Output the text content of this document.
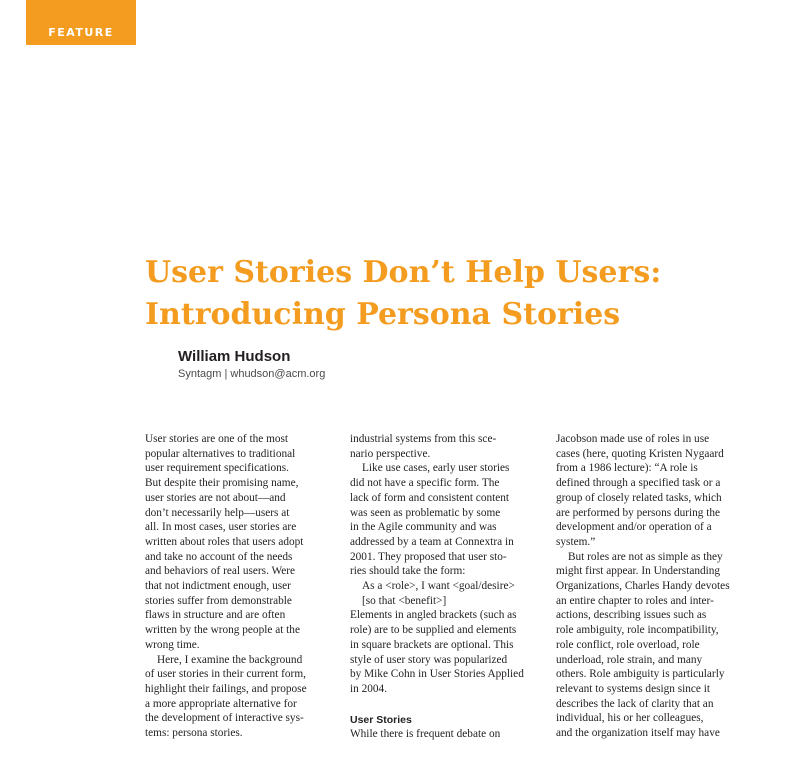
FEATURE
User Stories Don’t Help Users:
Introducing Persona Stories
William Hudson
Syntagm | whudson@acm.org
User stories are one of the most
popular alternatives to traditional
user requirement specifications.
But despite their promising name,
user stories are not about—and
don’t necessarily help—users at
all. In most cases, user stories are
written about roles that users adopt
and take no account of the needs
and behaviors of real users. Were
that not indictment enough, user
stories suffer from demonstrable
flaws in structure and are often
written by the wrong people at the
wrong time.
Here, I examine the background
of user stories in their current form,
highlight their failings, and propose
a more appropriate alternative for
the development of interactive sys-
tems: persona stories.
industrial systems from this sce-
nario perspective.
Like use cases, early user stories
did not have a specific form. The
lack of form and consistent content
was seen as problematic by some
in the Agile community and was
addressed by a team at Connextra in
2001. They proposed that user sto-
ries should take the form:
As a <role>, I want <goal/desire>
[so that <benefit>]
Elements in angled brackets (such as
role) are to be supplied and elements
in square brackets are optional. This
style of user story was popularized
by Mike Cohn in User Stories Applied
in 2004.
User Stories
While there is frequent debate on
Jacobson made use of roles in use
cases (here, quoting Kristen Nygaard
from a 1986 lecture): “A role is
defined through a specified task or a
group of closely related tasks, which
are performed by persons during the
development and/or operation of a
system.”
But roles are not as simple as they
might first appear. In Understanding
Organizations, Charles Handy devotes
an entire chapter to roles and inter-
actions, describing issues such as
role ambiguity, role incompatibility,
role conflict, role overload, role
underload, role strain, and many
others. Role ambiguity is particularly
relevant to systems design since it
describes the lack of clarity that an
individual, his or her colleagues,
and the organization itself may have
